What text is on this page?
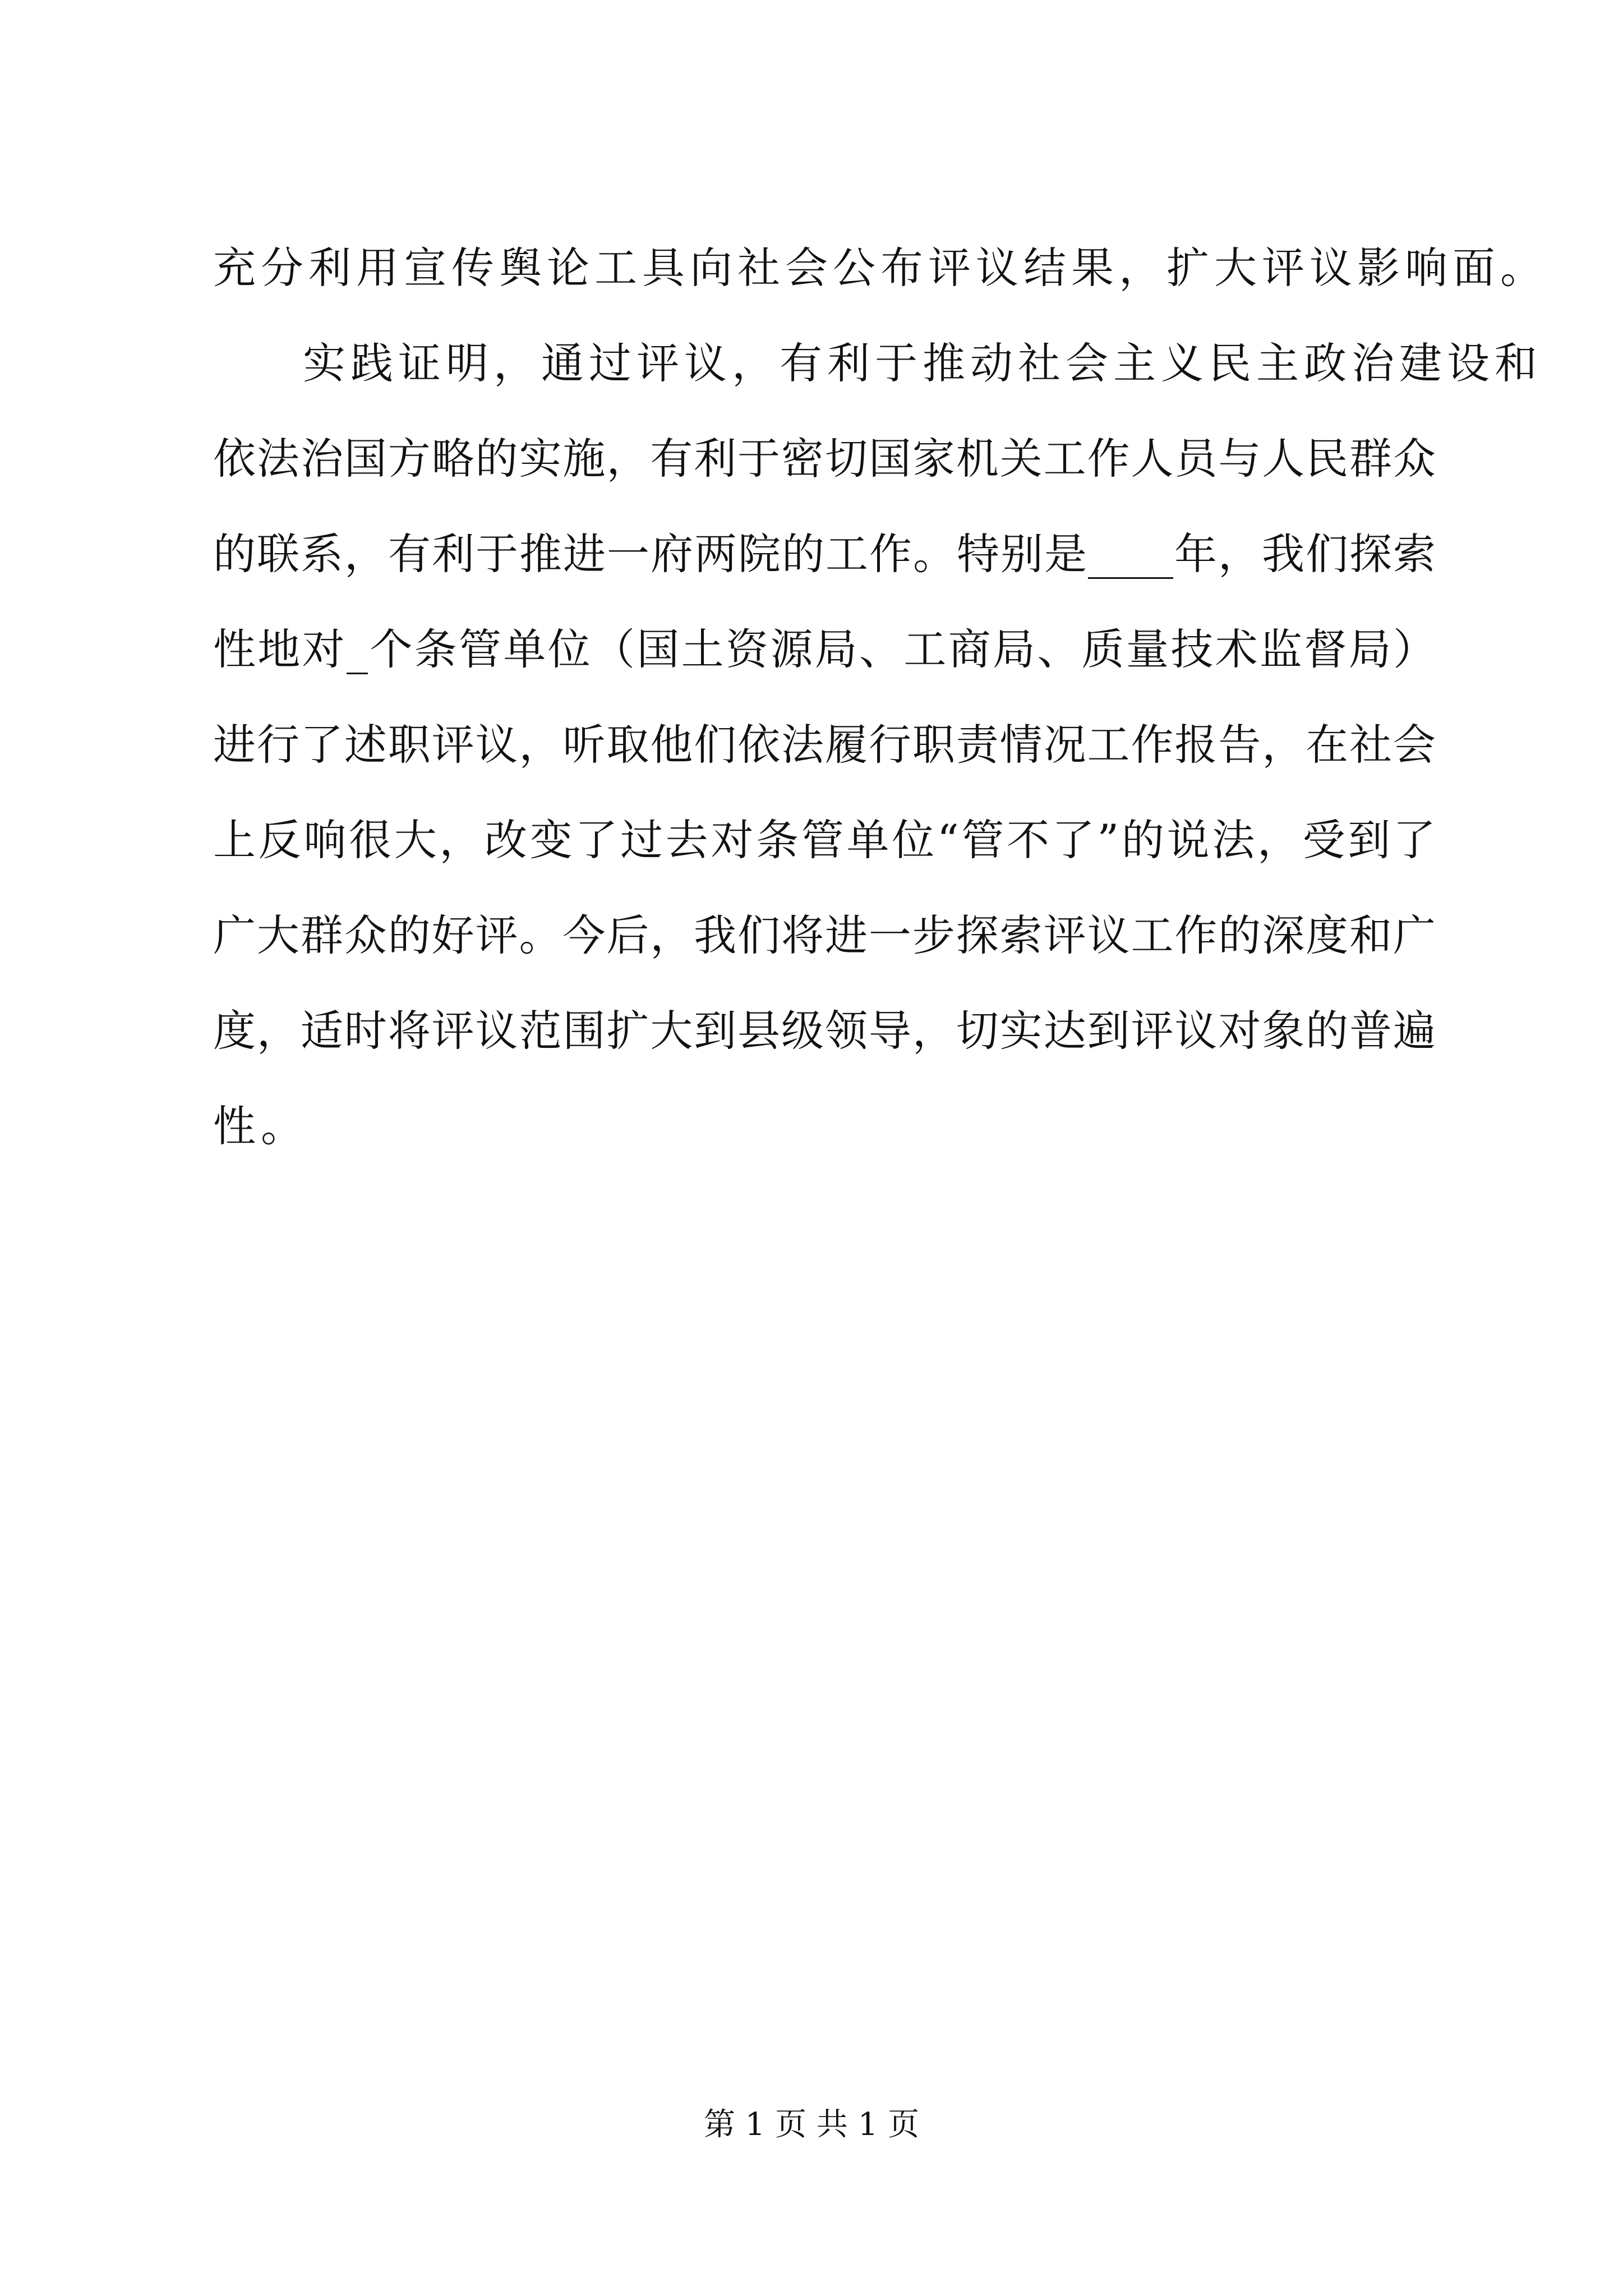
充分利用宣传舆论工具向社会公布评议结果，扩大评议影响面。
实践证明，通过评议，有利于推动社会主义民主政治建设和
依法治国方略的实施，有利于密切国家机关工作人员与人民群众
的联系，有利于推进一府两院的工作。特别是____年，我们探索
性地对_个条管单位（国土资源局、工商局、质量技术监督局）
进行了述职评议，听取他们依法履行职责情况工作报告，在社会
上反响很大，改变了过去对条管单位“管不了”的说法，受到了
广大群众的好评。今后，我们将进一步探索评议工作的深度和广
度，适时将评议范围扩大到县级领导，切实达到评议对象的普遍
性。
第 1 页 共 1 页
